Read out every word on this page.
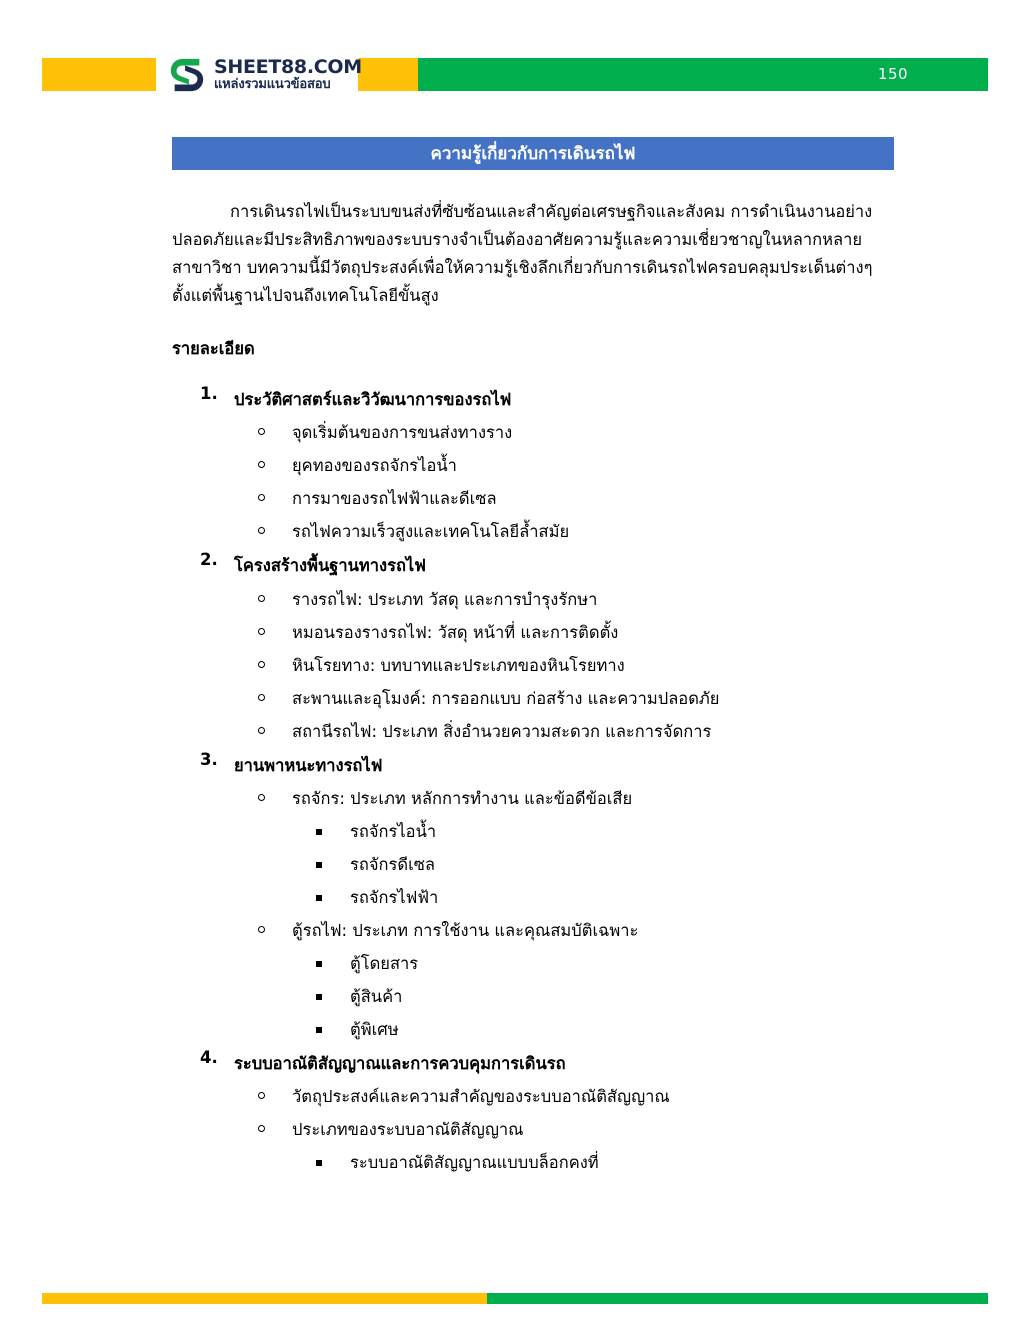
150
SHEET88.COM
แหล่งรวมแนวข้อสอบ
ความรู้เกี่ยวกับการเดินรถไฟ

การเดินรถไฟเป็นระบบขนส่งที่ซับซ้อนและสำคัญต่อเศรษฐกิจและสังคม การดำเนินงานอย่างปลอดภัยและมีประสิทธิภาพของระบบรางจำเป็นต้องอาศัยความรู้และความเชี่ยวชาญในหลากหลายสาขาวิชา บทความนี้มีวัตถุประสงค์เพื่อให้ความรู้เชิงลึกเกี่ยวกับการเดินรถไฟครอบคลุมประเด็นต่างๆ ตั้งแต่พื้นฐานไปจนถึงเทคโนโลยีขั้นสูง

รายละเอียด
1. ประวัติศาสตร์และวิวัฒนาการของรถไฟ
จุดเริ่มต้นของการขนส่งทางราง
ยุคทองของรถจักรไอน้ำ
การมาของรถไฟฟ้าและดีเซล
รถไฟความเร็วสูงและเทคโนโลยีล้ำสมัย
2. โครงสร้างพื้นฐานทางรถไฟ
รางรถไฟ: ประเภท วัสดุ และการบำรุงรักษา
หมอนรองรางรถไฟ: วัสดุ หน้าที่ และการติดตั้ง
หินโรยทาง: บทบาทและประเภทของหินโรยทาง
สะพานและอุโมงค์: การออกแบบ ก่อสร้าง และความปลอดภัย
สถานีรถไฟ: ประเภท สิ่งอำนวยความสะดวก และการจัดการ
3. ยานพาหนะทางรถไฟ
รถจักร: ประเภท หลักการทำงาน และข้อดีข้อเสีย
รถจักรไอน้ำ
รถจักรดีเซล
รถจักรไฟฟ้า
ตู้รถไฟ: ประเภท การใช้งาน และคุณสมบัติเฉพาะ
ตู้โดยสาร
ตู้สินค้า
ตู้พิเศษ
4. ระบบอาณัติสัญญาณและการควบคุมการเดินรถ
วัตถุประสงค์และความสำคัญของระบบอาณัติสัญญาณ
ประเภทของระบบอาณัติสัญญาณ
ระบบอาณัติสัญญาณแบบบล็อกคงที่
